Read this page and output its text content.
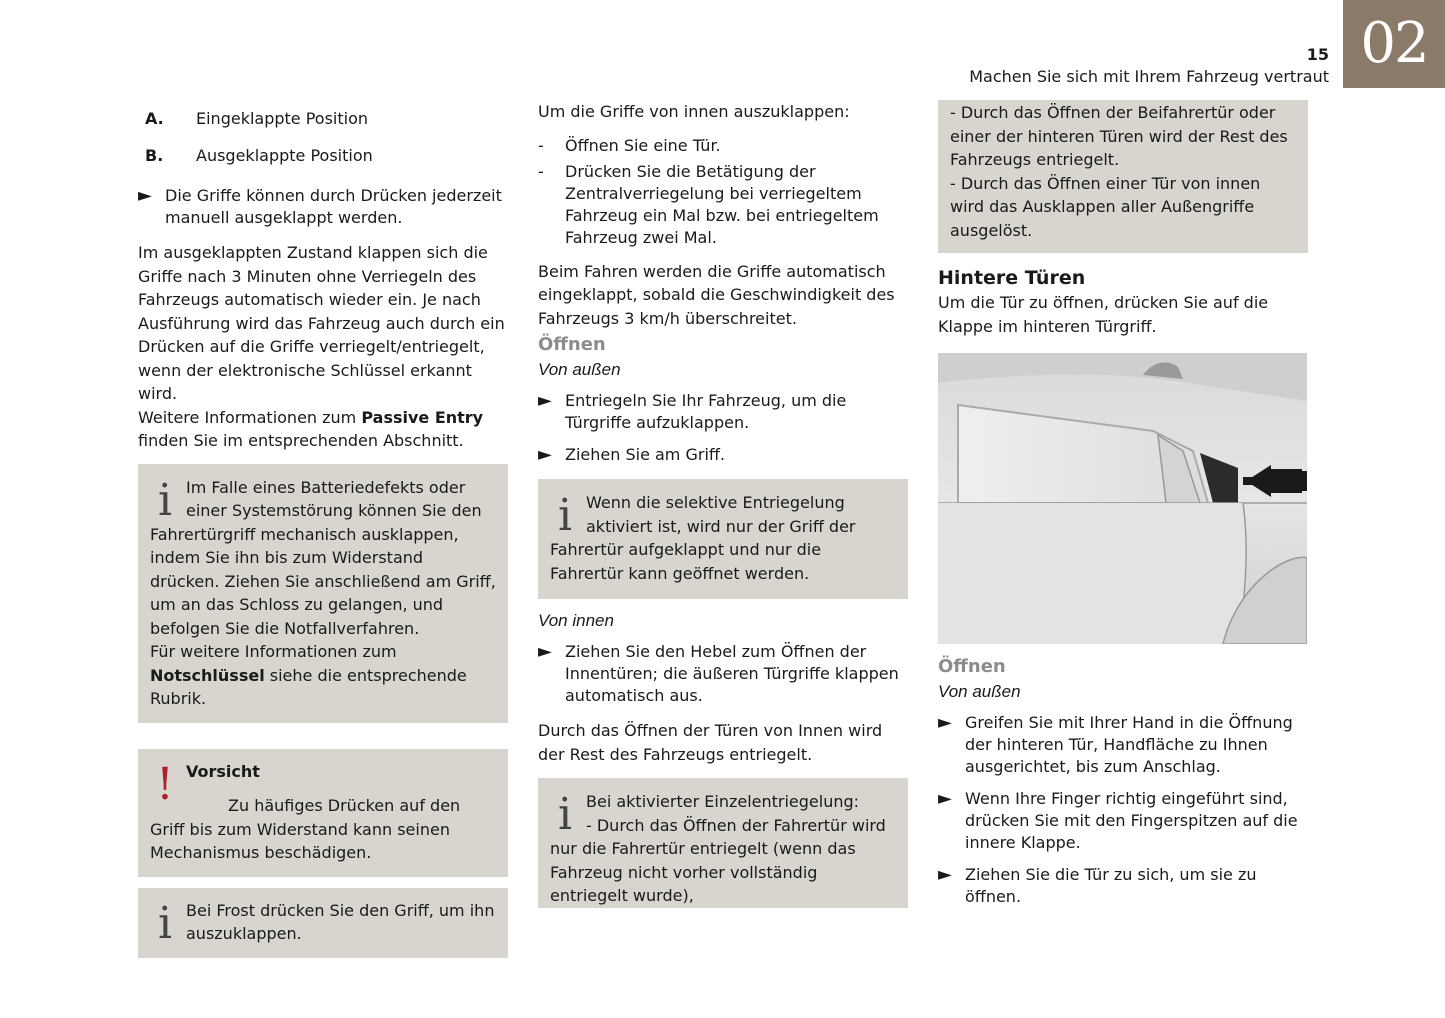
02
15
Machen Sie sich mit Ihrem Fahrzeug vertraut
A.	Eingeklappte Position
B.	Ausgeklappte Position
► Die Griffe können durch Drücken jederzeit manuell ausgeklappt werden.

Im ausgeklappten Zustand klappen sich die Griffe nach 3 Minuten ohne Verriegeln des Fahrzeugs automatisch wieder ein. Je nach Ausführung wird das Fahrzeug auch durch ein Drücken auf die Griffe verriegelt/entriegelt, wenn der elektronische Schlüssel erkannt wird.

Weitere Informationen zum Passive Entry finden Sie im entsprechenden Abschnitt.

i Im Falle eines Batteriedefekts oder einer Systemstörung können Sie den Fahrertürgriff mechanisch ausklappen, indem Sie ihn bis zum Widerstand drücken. Ziehen Sie anschließend am Griff, um an das Schloss zu gelangen, und befolgen Sie die Notfallverfahren.

Für weitere Informationen zum Notschlüssel siehe die entsprechende Rubrik.

! Vorsicht

Zu häufiges Drücken auf den Griff bis zum Widerstand kann seinen Mechanismus beschädigen.

i Bei Frost drücken Sie den Griff, um ihn auszuklappen.

Um die Griffe von innen auszuklappen:

-	Öffnen Sie eine Tür.
-	Drücken Sie die Betätigung der Zentralverriegelung bei verriegeltem Fahrzeug ein Mal bzw. bei entriegeltem Fahrzeug zwei Mal.

Beim Fahren werden die Griffe automatisch eingeklappt, sobald die Geschwindigkeit des Fahrzeugs 3 km/h überschreitet.

Öffnen
Von außen
► Entriegeln Sie Ihr Fahrzeug, um die Türgriffe aufzuklappen.
► Ziehen Sie am Griff.
i Wenn die selektive Entriegelung aktiviert ist, wird nur der Griff der Fahrertür aufgeklappt und nur die Fahrertür kann geöffnet werden.

Von innen
► Ziehen Sie den Hebel zum Öffnen der Innentüren; die äußeren Türgriffe klappen automatisch aus.

Durch das Öffnen der Türen von Innen wird der Rest des Fahrzeugs entriegelt.

i Bei aktivierter Einzelentriegelung:

- Durch das Öffnen der Fahrertür wird nur die Fahrertür entriegelt (wenn das Fahrzeug nicht vorher vollständig entriegelt wurde),

- Durch das Öffnen der Beifahrertür oder einer der hinteren Türen wird der Rest des Fahrzeugs entriegelt.

- Durch das Öffnen einer Tür von innen wird das Ausklappen aller Außengriffe ausgelöst.

Hintere Türen

Um die Tür zu öffnen, drücken Sie auf die Klappe im hinteren Türgriff.

Öffnen
Von außen
► Greifen Sie mit Ihrer Hand in die Öffnung der hinteren Tür, Handfläche zu Ihnen ausgerichtet, bis zum Anschlag.
► Wenn Ihre Finger richtig eingeführt sind, drücken Sie mit den Fingerspitzen auf die innere Klappe.
► Ziehen Sie die Tür zu sich, um sie zu öffnen.
